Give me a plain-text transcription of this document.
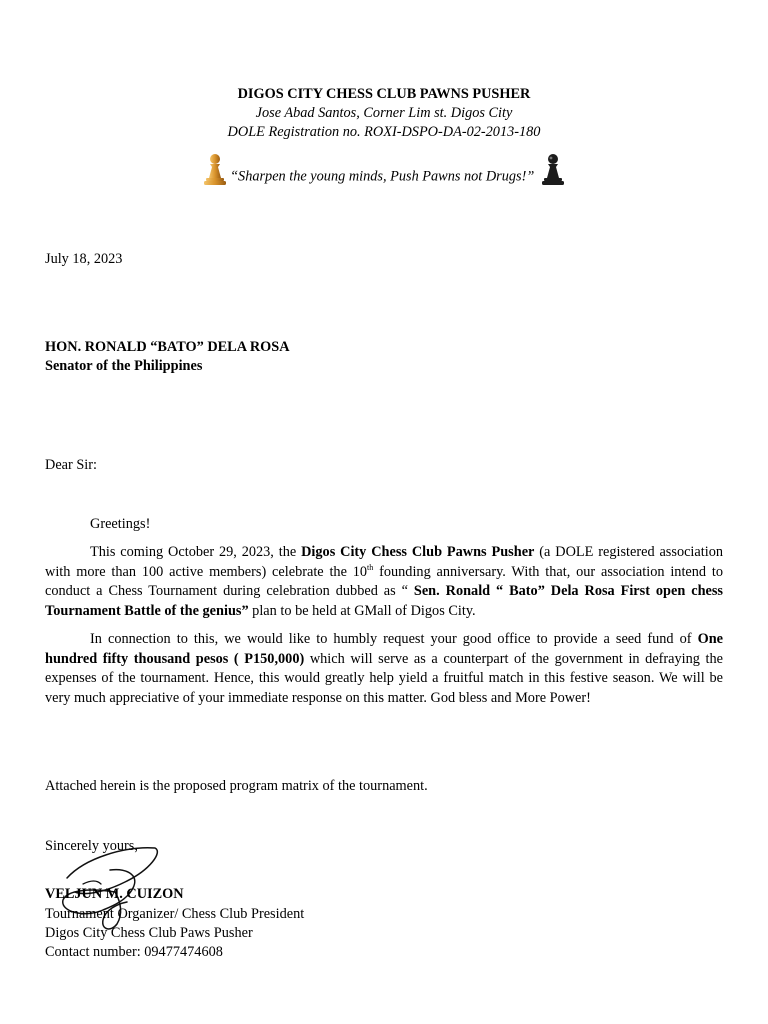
DIGOS CITY CHESS CLUB PAWNS PUSHER
Jose Abad Santos, Corner Lim st. Digos City
DOLE Registration no. ROXI-DSPO-DA-02-2013-180
“Sharpen the young minds, Push Pawns not Drugs!”
July 18, 2023
HON. RONALD “BATO” DELA ROSA
Senator of the Philippines
Dear Sir:
Greetings!
This coming October 29, 2023, the Digos City Chess Club Pawns Pusher (a DOLE registered association with more than 100 active members) celebrate the 10th founding anniversary. With that, our association intend to conduct a Chess Tournament during celebration dubbed as “ Sen. Ronald “ Bato” Dela Rosa First open chess Tournament Battle of the genius” plan to be held at GMall of Digos City.
In connection to this, we would like to humbly request your good office to provide a seed fund of One hundred fifty thousand pesos ( P150,000) which will serve as a counterpart of the government in defraying the expenses of the tournament. Hence, this would greatly help yield a fruitful match in this festive season. We will be very much appreciative of your immediate response on this matter. God bless and More Power!
Attached herein is the proposed program matrix of the tournament.
Sincerely yours,
VELJUN M. CUIZON
Tournament Organizer/ Chess Club President
Digos City Chess Club Paws Pusher
Contact number: 09477474608
